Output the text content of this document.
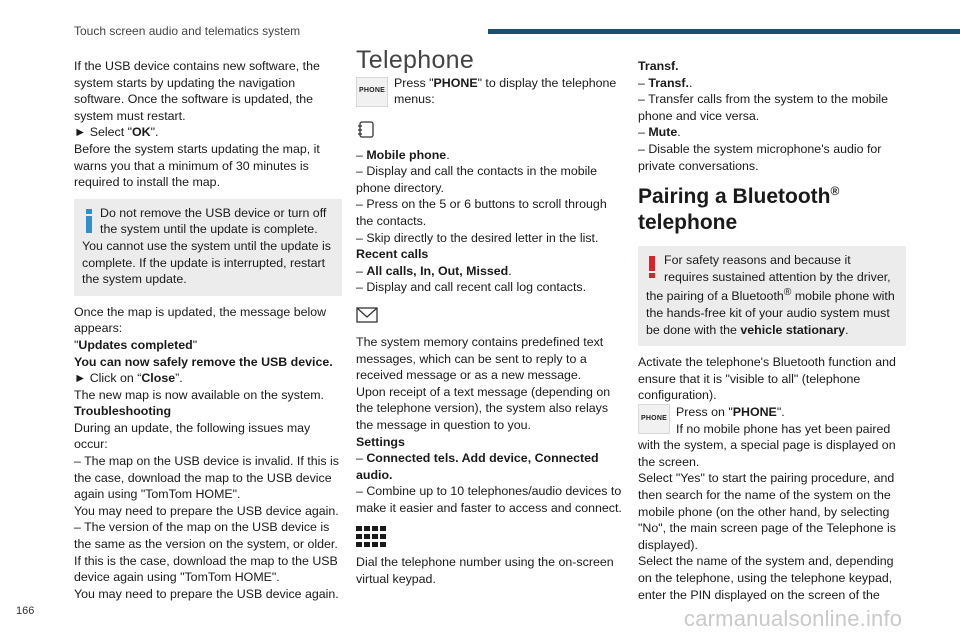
Touch screen audio and telematics system
If the USB device contains new software, the system starts by updating the navigation software. Once the software is updated, the system must restart.
► Select "OK".
Before the system starts updating the map, it warns you that a minimum of 30 minutes is required to install the map.
Do not remove the USB device or turn off the system until the update is complete.
You cannot use the system until the update is complete. If the update is interrupted, restart the system update.
Once the map is updated, the message below appears:
"Updates completed"
You can now safely remove the USB device.
► Click on “Close”.
The new map is now available on the system.
Troubleshooting
During an update, the following issues may occur:
– The map on the USB device is invalid. If this is the case, download the map to the USB device again using "TomTom HOME".
You may need to prepare the USB device again.
– The version of the map on the USB device is the same as the version on the system, or older. If this is the case, download the map to the USB device again using "TomTom HOME".
You may need to prepare the USB device again.
Telephone
PHONE
Press "PHONE" to display the telephone menus:
– Mobile phone.
– Display and call the contacts in the mobile phone directory.
– Press on the 5 or 6 buttons to scroll through the contacts.
– Skip directly to the desired letter in the list.
Recent calls
– All calls, In, Out, Missed.
– Display and call recent call log contacts.
The system memory contains predefined text messages, which can be sent to reply to a received message or as a new message.
Upon receipt of a text message (depending on the telephone version), the system also relays the message in question to you.
Settings
– Connected tels. Add device, Connected audio.
– Combine up to 10 telephones/audio devices to make it easier and faster to access and connect.
Dial the telephone number using the on-screen virtual keypad.
Transf.
– Transf..
– Transfer calls from the system to the mobile phone and vice versa.
– Mute.
– Disable the system microphone's audio for private conversations.
Pairing a Bluetooth®
telephone
For safety reasons and because it requires sustained attention by the driver,
the pairing of a Bluetooth® mobile phone with the hands-free kit of your audio system must be done with the vehicle stationary.
Activate the telephone's Bluetooth function and ensure that it is "visible to all" (telephone configuration).
PHONE Press on "PHONE".
If no mobile phone has yet been paired with the system, a special page is displayed on the screen.
Select "Yes" to start the pairing procedure, and then search for the name of the system on the mobile phone (on the other hand, by selecting "No", the main screen page of the Telephone is displayed).
Select the name of the system and, depending on the telephone, using the telephone keypad, enter the PIN displayed on the screen of the
166	carmanualsonline.info
